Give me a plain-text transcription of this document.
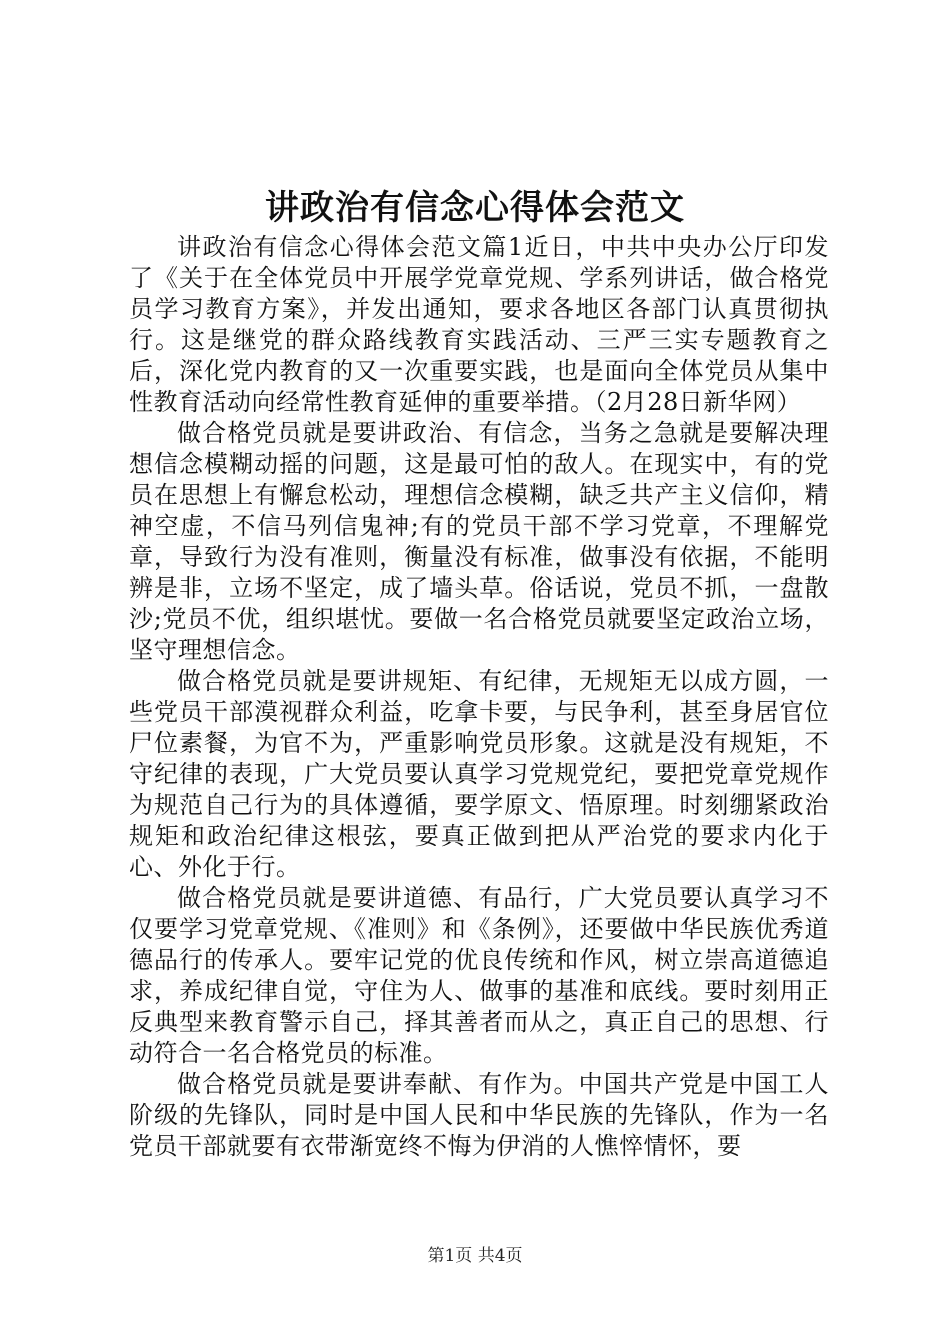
讲政治有信念心得体会范文

讲政治有信念心得体会范文篇1近日，中共中央办公厅印发了《关于在全体党员中开展学党章党规、学系列讲话，做合格党员学习教育方案》，并发出通知，要求各地区各部门认真贯彻执行。这是继党的群众路线教育实践活动、三严三实专题教育之后，深化党内教育的又一次重要实践，也是面向全体党员从集中性教育活动向经常性教育延伸的重要举措。（2月28日新华网）

做合格党员就是要讲政治、有信念，当务之急就是要解决理想信念模糊动摇的问题，这是最可怕的敌人。在现实中，有的党员在思想上有懈怠松动，理想信念模糊，缺乏共产主义信仰，精神空虚，不信马列信鬼神;有的党员干部不学习党章，不理解党章，导致行为没有准则，衡量没有标准，做事没有依据，不能明辨是非，立场不坚定，成了墙头草。俗话说，党员不抓，一盘散沙;党员不优，组织堪忧。要做一名合格党员就要坚定政治立场，坚守理想信念。

做合格党员就是要讲规矩、有纪律，无规矩无以成方圆，一些党员干部漠视群众利益，吃拿卡要，与民争利，甚至身居官位尸位素餐，为官不为，严重影响党员形象。这就是没有规矩，不守纪律的表现，广大党员要认真学习党规党纪，要把党章党规作为规范自己行为的具体遵循，要学原文、悟原理。时刻绷紧政治规矩和政治纪律这根弦，要真正做到把从严治党的要求内化于心、外化于行。

做合格党员就是要讲道德、有品行，广大党员要认真学习不仅要学习党章党规、《准则》和《条例》，还要做中华民族优秀道德品行的传承人。要牢记党的优良传统和作风，树立崇高道德追求，养成纪律自觉，守住为人、做事的基准和底线。要时刻用正反典型来教育警示自己，择其善者而从之，真正自己的思想、行动符合一名合格党员的标准。

做合格党员就是要讲奉献、有作为。中国共产党是中国工人阶级的先锋队，同时是中国人民和中华民族的先锋队，作为一名党员干部就要有衣带渐宽终不悔为伊消的人憔悴情怀，要

第1页 共4页
